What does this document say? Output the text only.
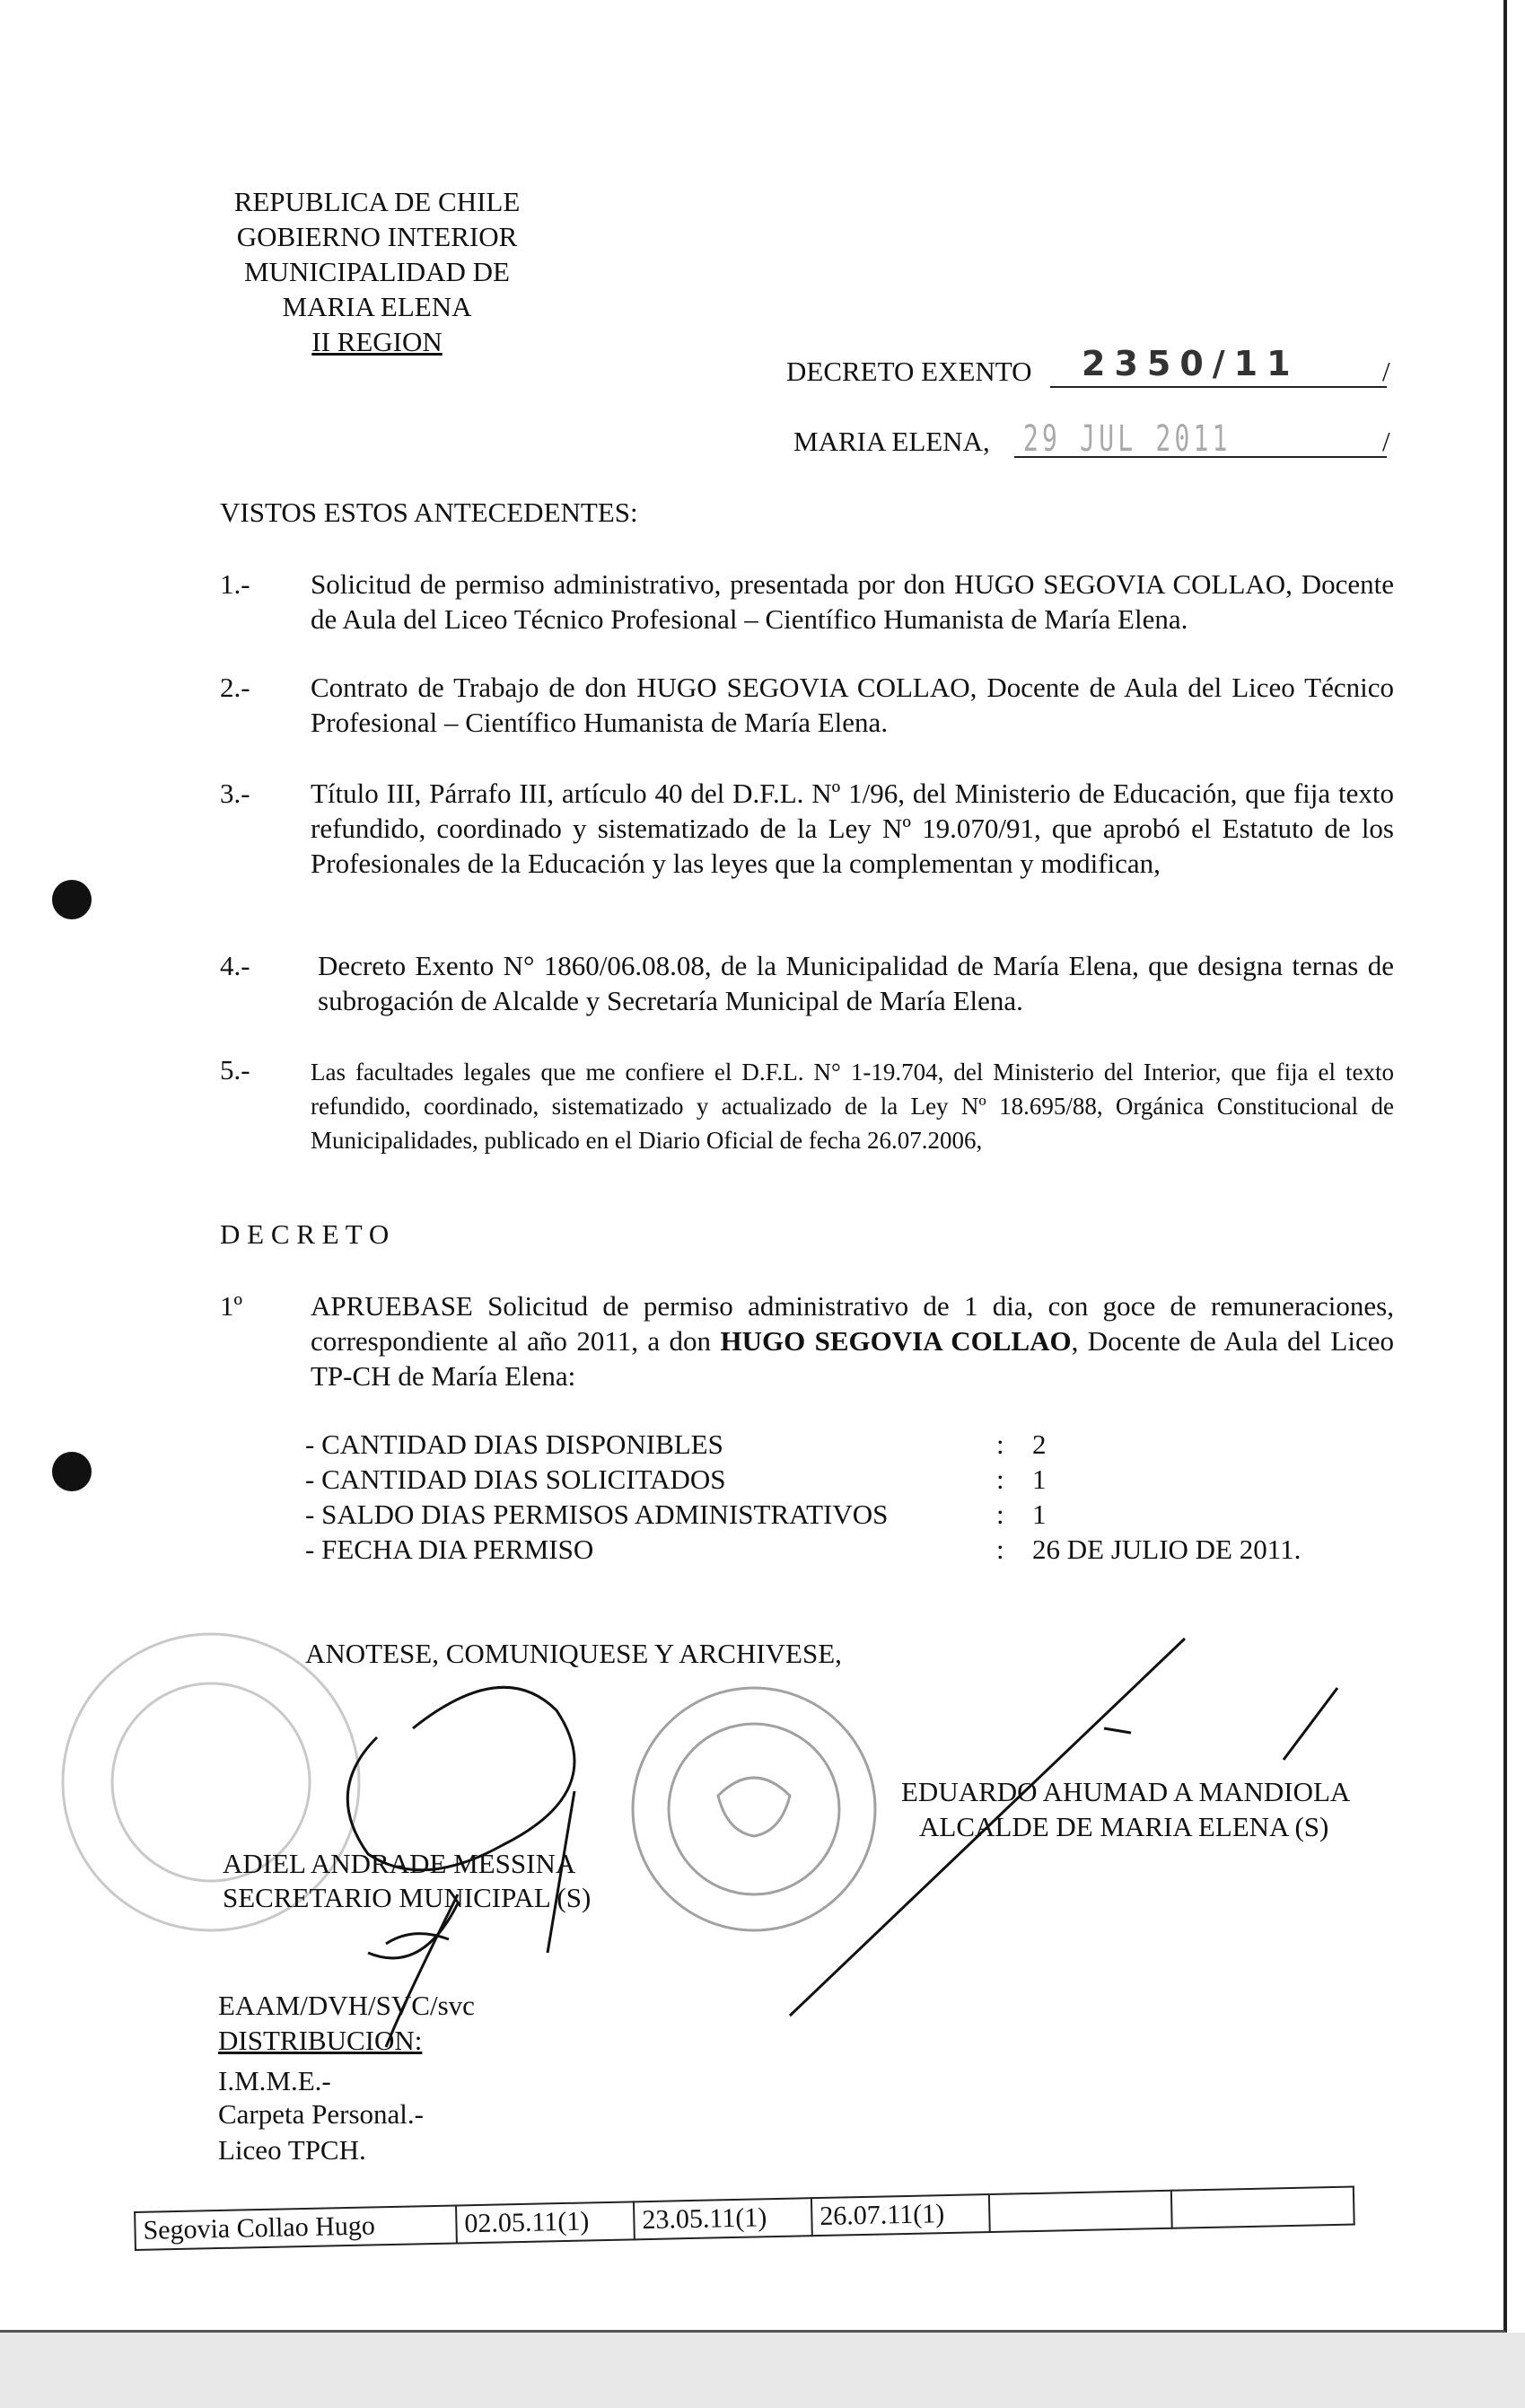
REPUBLICA DE CHILE
GOBIERNO INTERIOR
MUNICIPALIDAD DE
MARIA ELENA
II REGION
DECRETO EXENTO 2350/11	/
MARIA ELENA, 29 JUL 2011	/
VISTOS ESTOS ANTECEDENTES:
1.- Solicitud de permiso administrativo, presentada por don HUGO SEGOVIA COLLAO, Docente de Aula del Liceo Técnico Profesional – Científico Humanista de María Elena.
2.- Contrato de Trabajo de don HUGO SEGOVIA COLLAO, Docente de Aula del Liceo Técnico Profesional – Científico Humanista de María Elena.
3.- Título III, Párrafo III, artículo 40 del D.F.L. Nº 1/96, del Ministerio de Educación, que fija texto refundido, coordinado y sistematizado de la Ley Nº 19.070/91, que aprobó el Estatuto de los Profesionales de la Educación y las leyes que la complementan y modifican,
4.- Decreto Exento N° 1860/06.08.08, de la Municipalidad de María Elena, que designa ternas de subrogación de Alcalde y Secretaría Municipal de María Elena.
5.- Las facultades legales que me confiere el D.F.L. N° 1-19.704, del Ministerio del Interior, que fija el texto refundido, coordinado, sistematizado y actualizado de la Ley Nº 18.695/88, Orgánica Constitucional de Municipalidades, publicado en el Diario Oficial de fecha 26.07.2006,
D E C R E T O
1º APRUEBASE Solicitud de permiso administrativo de 1 dia, con goce de remuneraciones, correspondiente al año 2011, a don HUGO SEGOVIA COLLAO, Docente de Aula del Liceo TP-CH de María Elena:
- CANTIDAD DIAS DISPONIBLES	:	2
- CANTIDAD DIAS SOLICITADOS	:	1
- SALDO DIAS PERMISOS ADMINISTRATIVOS	:	1
- FECHA DIA PERMISO	:	26 DE JULIO DE 2011.
ANOTESE, COMUNIQUESE Y ARCHIVESE,
EDUARDO AHUMAD A MANDIOLA
ALCALDE DE MARIA ELENA (S)
ADIEL ANDRADE MESSINA
SECRETARIO MUNICIPAL (S)
EAAM/DVH/SVC/svc
DISTRIBUCION:
I.M.M.E.-
Carpeta Personal.-
Liceo TPCH.
Segovia Collao Hugo	02.05.11(1)	23.05.11(1)	26.07.11(1)		
